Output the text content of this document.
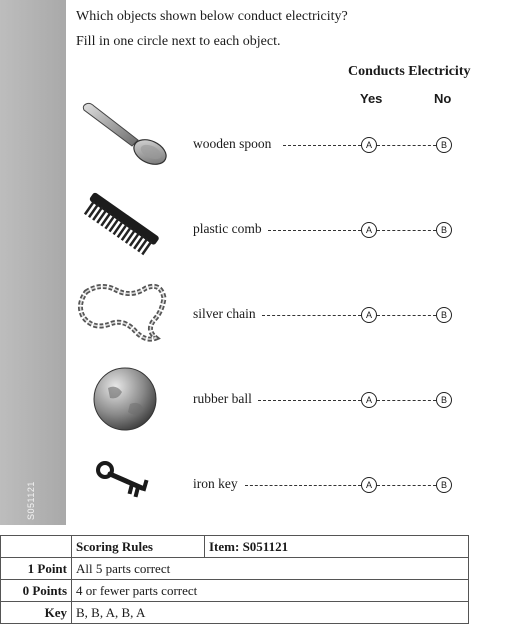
S051121
Which objects shown below conduct electricity?
Fill in one circle next to each object.
Conducts Electricity
Yes	No
wooden spoon	A	B
plastic comb	A	B
silver chain	A	B
rubber ball	A	B
iron key	A	B
	Scoring Rules	Item: S051121
1 Point	All 5 parts correct	
0 Points	4 or fewer parts correct	
Key	B, B, A, B, A	
